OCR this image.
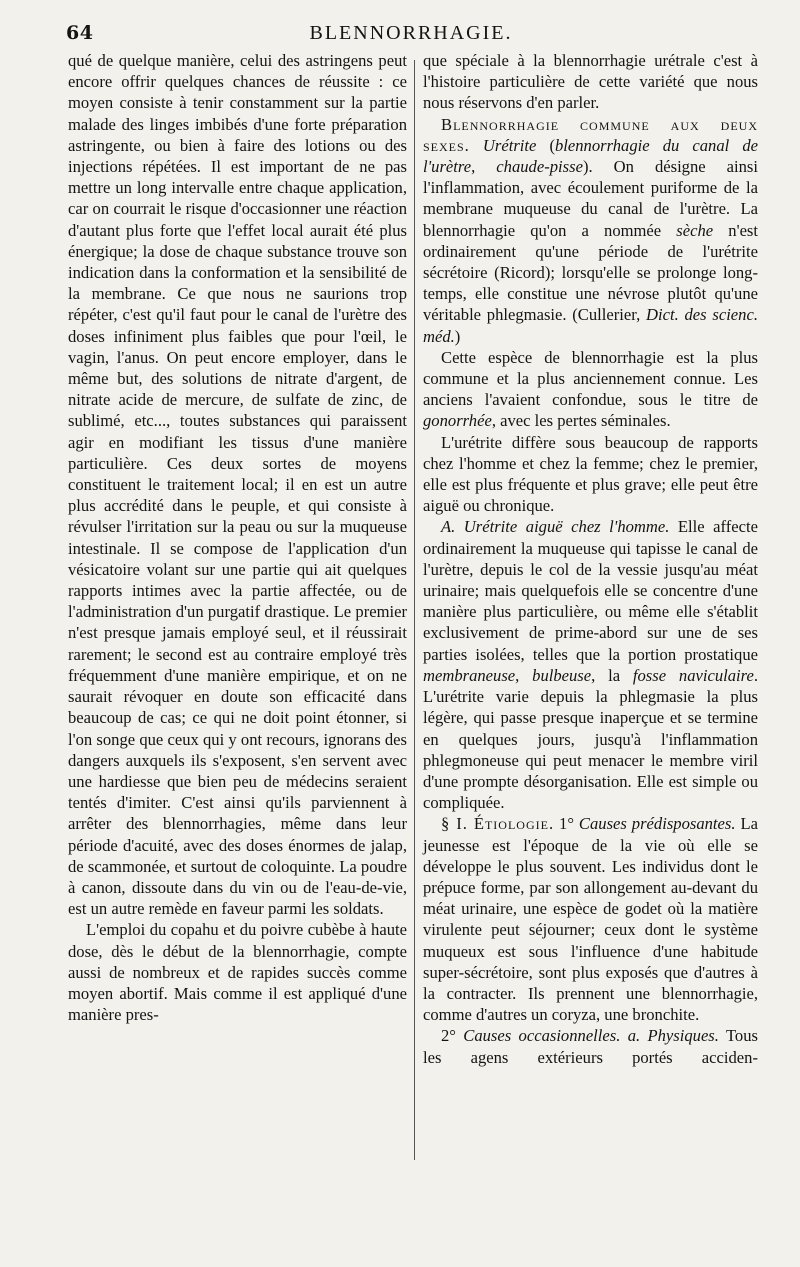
64	BLENNORRHAGIE.

qué de quelque manière, celui des astringens peut encore offrir quelques chances de réussite : ce moyen consiste à tenir constamment sur la partie malade des linges imbibés d'une forte préparation astringente, ou bien à faire des lotions ou des injections répétées. Il est important de ne pas mettre un long intervalle entre chaque application, car on courrait le risque d'occasionner une réaction d'autant plus forte que l'effet local aurait été plus énergique; la dose de chaque substance trouve son indication dans la conformation et la sensibilité de la membrane. Ce que nous ne saurions trop répéter, c'est qu'il faut pour le canal de l'urètre des doses infiniment plus faibles que pour l'œil, le vagin, l'anus. On peut encore employer, dans le même but, des solutions de nitrate d'argent, de nitrate acide de mercure, de sulfate de zinc, de sublimé, etc..., toutes substances qui paraissent agir en modifiant les tissus d'une manière particulière. Ces deux sortes de moyens constituent le traitement local; il en est un autre plus accrédité dans le peuple, et qui consiste à révulser l'irritation sur la peau ou sur la muqueuse intestinale. Il se compose de l'application d'un vésicatoire volant sur une partie qui ait quelques rapports intimes avec la partie affectée, ou de l'administration d'un purgatif drastique. Le premier n'est presque jamais employé seul, et il réussirait rarement; le second est au contraire employé très fréquemment d'une manière empirique, et on ne saurait révoquer en doute son efficacité dans beaucoup de cas; ce qui ne doit point étonner, si l'on songe que ceux qui y ont recours, ignorans des dangers auxquels ils s'exposent, s'en servent avec une hardiesse que bien peu de médecins seraient tentés d'imiter. C'est ainsi qu'ils parviennent à arrêter des blennorrhagies, même dans leur période d'acuité, avec des doses énormes de jalap, de scammonée, et surtout de coloquinte. La poudre à canon, dissoute dans du vin ou de l'eau-de-vie, est un autre remède en faveur parmi les soldats.

L'emploi du copahu et du poivre cubèbe à haute dose, dès le début de la blennorrhagie, compte aussi de nombreux et de rapides succès comme moyen abortif. Mais comme il est appliqué d'une manière pres-

que spéciale à la blennorrhagie urétrale c'est à l'histoire particulière de cette variété que nous nous réservons d'en parler.

Blennorrhagie commune aux deux sexes. Urétrite (blennorrhagie du canal de l'urètre, chaude-pisse). On désigne ainsi l'inflammation, avec écoulement puriforme de la membrane muqueuse du canal de l'urètre. La blennorrhagie qu'on a nommée sèche n'est ordinairement qu'une période de l'urétrite sécrétoire (Ricord); lorsqu'elle se prolonge long-temps, elle constitue une névrose plutôt qu'une véritable phlegmasie. (Cullerier, Dict. des scienc. méd.)

Cette espèce de blennorrhagie est la plus commune et la plus anciennement connue. Les anciens l'avaient confondue, sous le titre de gonorrhée, avec les pertes séminales.

L'urétrite diffère sous beaucoup de rapports chez l'homme et chez la femme; chez le premier, elle est plus fréquente et plus grave; elle peut être aiguë ou chronique.

A. Urétrite aiguë chez l'homme. Elle affecte ordinairement la muqueuse qui tapisse le canal de l'urètre, depuis le col de la vessie jusqu'au méat urinaire; mais quelquefois elle se concentre d'une manière plus particulière, ou même elle s'établit exclusivement de prime-abord sur une de ses parties isolées, telles que la portion prostatique membraneuse, bulbeuse, la fosse naviculaire. L'urétrite varie depuis la phlegmasie la plus légère, qui passe presque inaperçue et se termine en quelques jours, jusqu'à l'inflammation phlegmoneuse qui peut menacer le membre viril d'une prompte désorganisation. Elle est simple ou compliquée.

§ I. Étiologie. 1° Causes prédisposantes. La jeunesse est l'époque de la vie où elle se développe le plus souvent. Les individus dont le prépuce forme, par son allongement au-devant du méat urinaire, une espèce de godet où la matière virulente peut séjourner; ceux dont le système muqueux est sous l'influence d'une habitude super-sécrétoire, sont plus exposés que d'autres à la contracter. Ils prennent une blennorrhagie, comme d'autres un coryza, une bronchite.

2° Causes occasionnelles. a. Physiques. Tous les agens extérieurs portés acciden-
